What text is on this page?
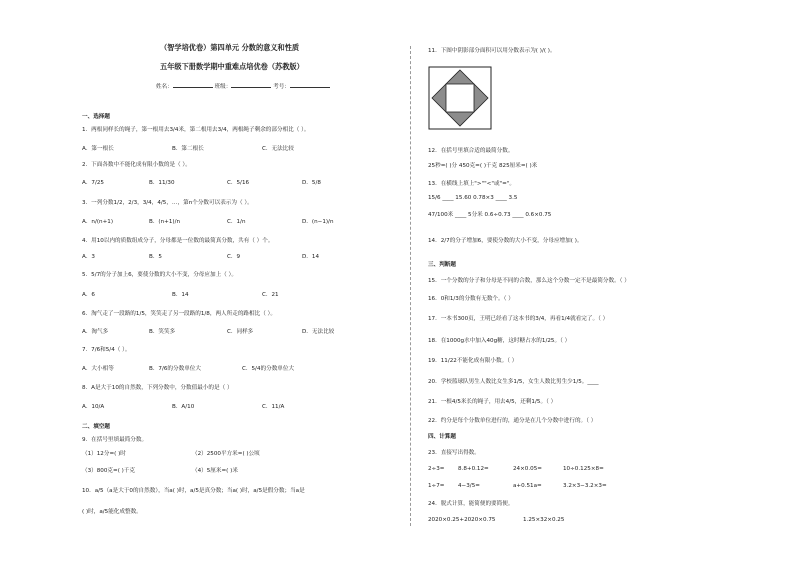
（智学培优卷）第四单元 分数的意义和性质
五年级下册数学期中重难点培优卷（苏教版）
姓名：	班级：	考号：
一、选择题
1．两根同样长的绳子，第一根用去3/4米，第二根用去3/4，两根绳子剩余的部分相比（ ）。
A．第一根长	B．第二根长	C．无法比较
2．下面各数中不能化成有限小数的是（ ）。
A．7/25	B．11/30	C．5/16	D．5/8
3．一列分数1/2，2/3，3/4，4/5，…，第n个分数可以表示为（ ）。
A．n/(n+1)	B．(n+1)/n	C．1/n	D．(n−1)/n
4．用10以内的质数组成分子，分母都是一位数的最简真分数，共有（ ）个。
A．3	B．5	C．9	D．14
5．5/7的分子加上6，要使分数的大小不变，分母应加上（ ）。
A．6	B．14	C．21
6．淘气走了一段路的1/5，笑笑走了另一段路的1/8，两人所走的路相比（ ）。
A．淘气多	B．笑笑多	C．同样多	D．无法比较
7．7/6和5/4（ ）。
A．大小相等	B．7/6的分数单位大	C．5/4的分数单位大
8．A是大于10的自然数，下列分数中，分数值最小的是（ ）
A．10/A	B．A/10	C．11/A
二、填空题
9．在括号里填最简分数。
（1）12分=( )时	（2）2500平方米=( )公顷
（3）800克=( )千克	（4）5厘米=( )米
10．a/5（a是大于0的自然数），当a( )时，a/5是真分数；当a( )时，a/5是假分数；当a是
( )时，a/5能化成整数。
11．下图中阴影部分面积可以用分数表示为( )/( )。
12．在括号里填合适的最简分数。
25秒=( )分 450克=( )千克 825厘米=( )米
13．在横线上填上">""<"或"="。
15/6 ____ 15.60 0.78×3 ____ 3.5
47/100米 ____ 5分米 0.6÷0.73 ____ 0.6×0.75
14．2/7的分子增加6，要使分数的大小不变，分母应增加( )。
三、判断题
15．一个分数的分子和分母是不同的合数，那么这个分数一定不是最简分数。（ ）
16．0和1/3的分数有无数个。（ ）
17．一本书300页，王明已经看了这本书的3/4，再看1/4就看完了。（ ）
18．在1000g水中加入40g糖，这时糖占水的1/25。（ ）
19．11/22不能化成有限小数。（ ）
20．学校篮球队男生人数比女生多1/5，女生人数比男生少1/5。____
21．一根4/5米长的绳子，用去4/5，还剩1/5。（ ）
22．约分是每个分数单位进行的，通分是在几个分数中进行的。（ ）
四、计算题
23．直接写出得数。
2÷3= 8.8+0.12=	24×0.05=	10÷0.125×8=
1÷7= 4−3/5=	a+0.51a=	3.2×3−3.2×3=
24．脱式计算，能简便的要简便。
2020×0.25+2020×0.75	1.25×32×0.25
